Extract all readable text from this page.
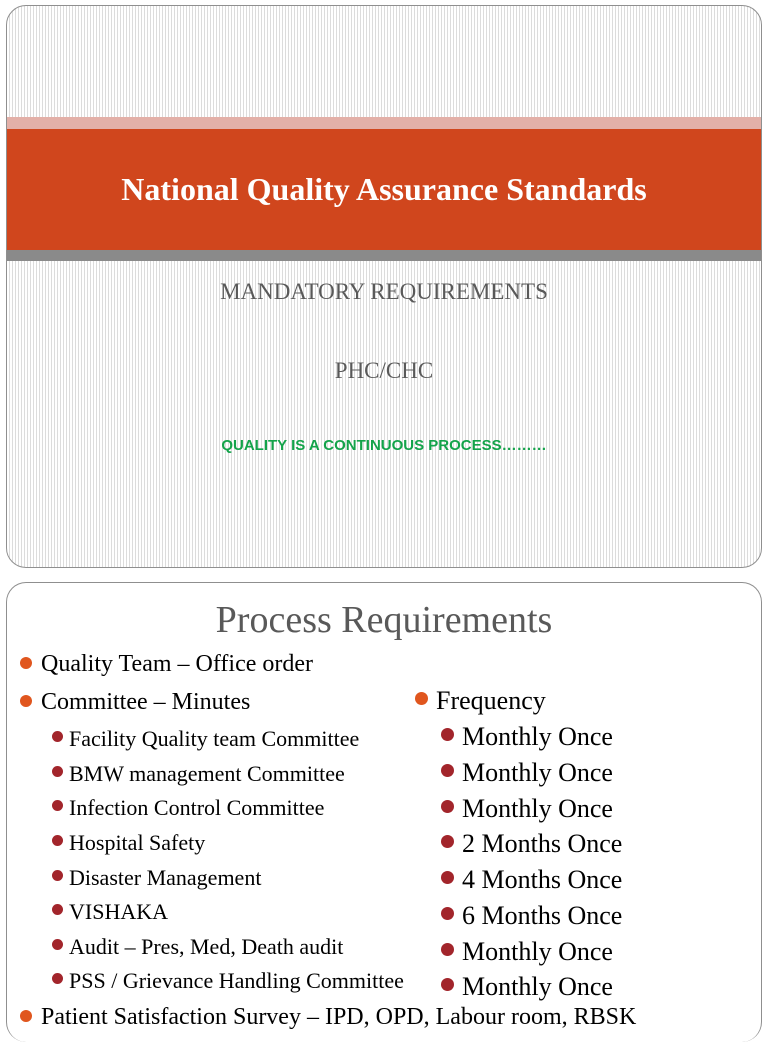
National Quality Assurance Standards
MANDATORY REQUIREMENTS
PHC/CHC
QUALITY IS A CONTINUOUS PROCESS………
Process Requirements
Quality Team – Office order
Committee – Minutes
Facility Quality team Committee
BMW management Committee
Infection Control Committee
Hospital Safety
Disaster Management
VISHAKA
Audit – Pres, Med, Death audit
PSS / Grievance Handling Committee
Frequency
Monthly Once
Monthly Once
Monthly Once
2 Months Once
4 Months Once
6 Months Once
Monthly Once
Monthly Once
Patient Satisfaction Survey – IPD, OPD, Labour room, RBSK
